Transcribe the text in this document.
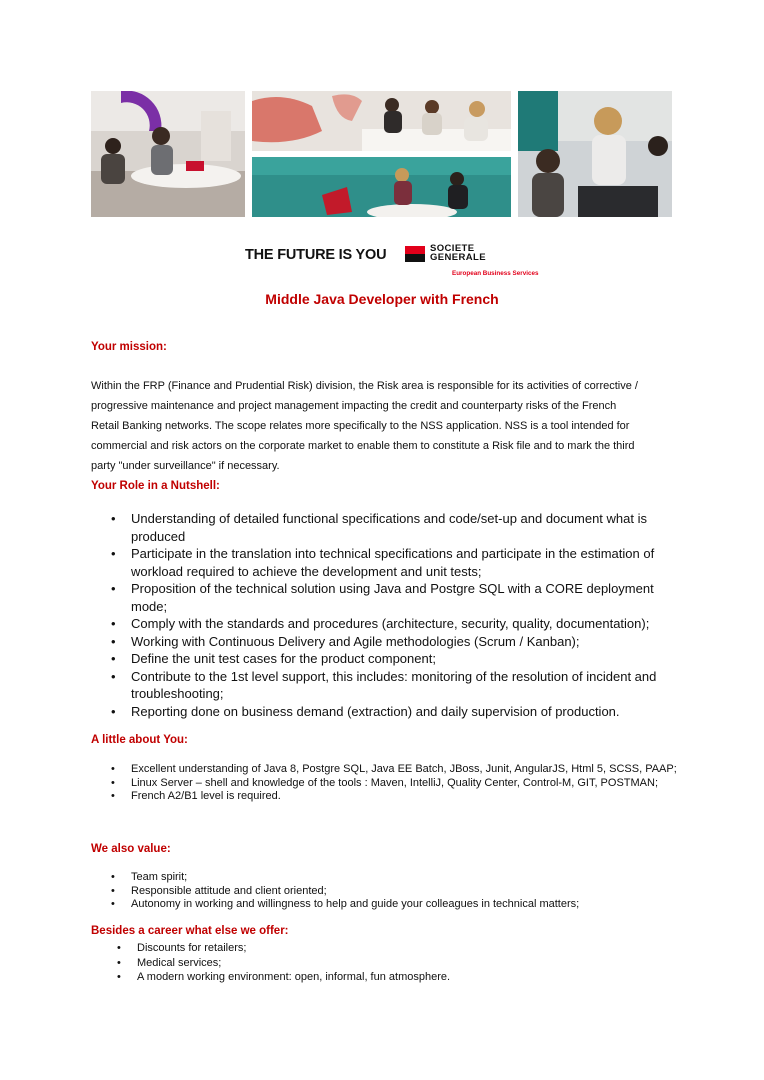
THE FUTURE IS YOU	SOCIETE
GENERALE
European Business Services
Middle Java Developer with French
Your mission:
Within the FRP (Finance and Prudential Risk) division, the Risk area is responsible for its activities of corrective /
progressive maintenance and project management impacting the credit and counterparty risks of the French
Retail Banking networks. The scope relates more specifically to the NSS application. NSS is a tool intended for
commercial and risk actors on the corporate market to enable them to constitute a Risk file and to mark the third
party "under surveillance" if necessary.
Your Role in a Nutshell:
• Understanding of detailed functional specifications and code/set-up and document what is produced
• Participate in the translation into technical specifications and participate in the estimation of workload required to achieve the development and unit tests;
• Proposition of the technical solution using Java and Postgre SQL with a CORE deployment mode;
• Comply with the standards and procedures (architecture, security, quality, documentation);
• Working with Continuous Delivery and Agile methodologies (Scrum / Kanban);
• Define the unit test cases for the product component;
• Contribute to the 1st level support, this includes: monitoring of the resolution of incident and troubleshooting;
• Reporting done on business demand (extraction) and daily supervision of production.
A little about You:
• Excellent understanding of Java 8, Postgre SQL, Java EE Batch, JBoss, Junit, AngularJS, Html 5, SCSS, PAAP;
• Linux Server – shell and knowledge of the tools : Maven, IntelliJ, Quality Center, Control-M, GIT, POSTMAN;
• French A2/B1 level is required.
We also value:
• Team spirit;
• Responsible attitude and client oriented;
• Autonomy in working and willingness to help and guide your colleagues in technical matters;
Besides a career what else we offer:
• Discounts for retailers;
• Medical services;
• A modern working environment: open, informal, fun atmosphere.
